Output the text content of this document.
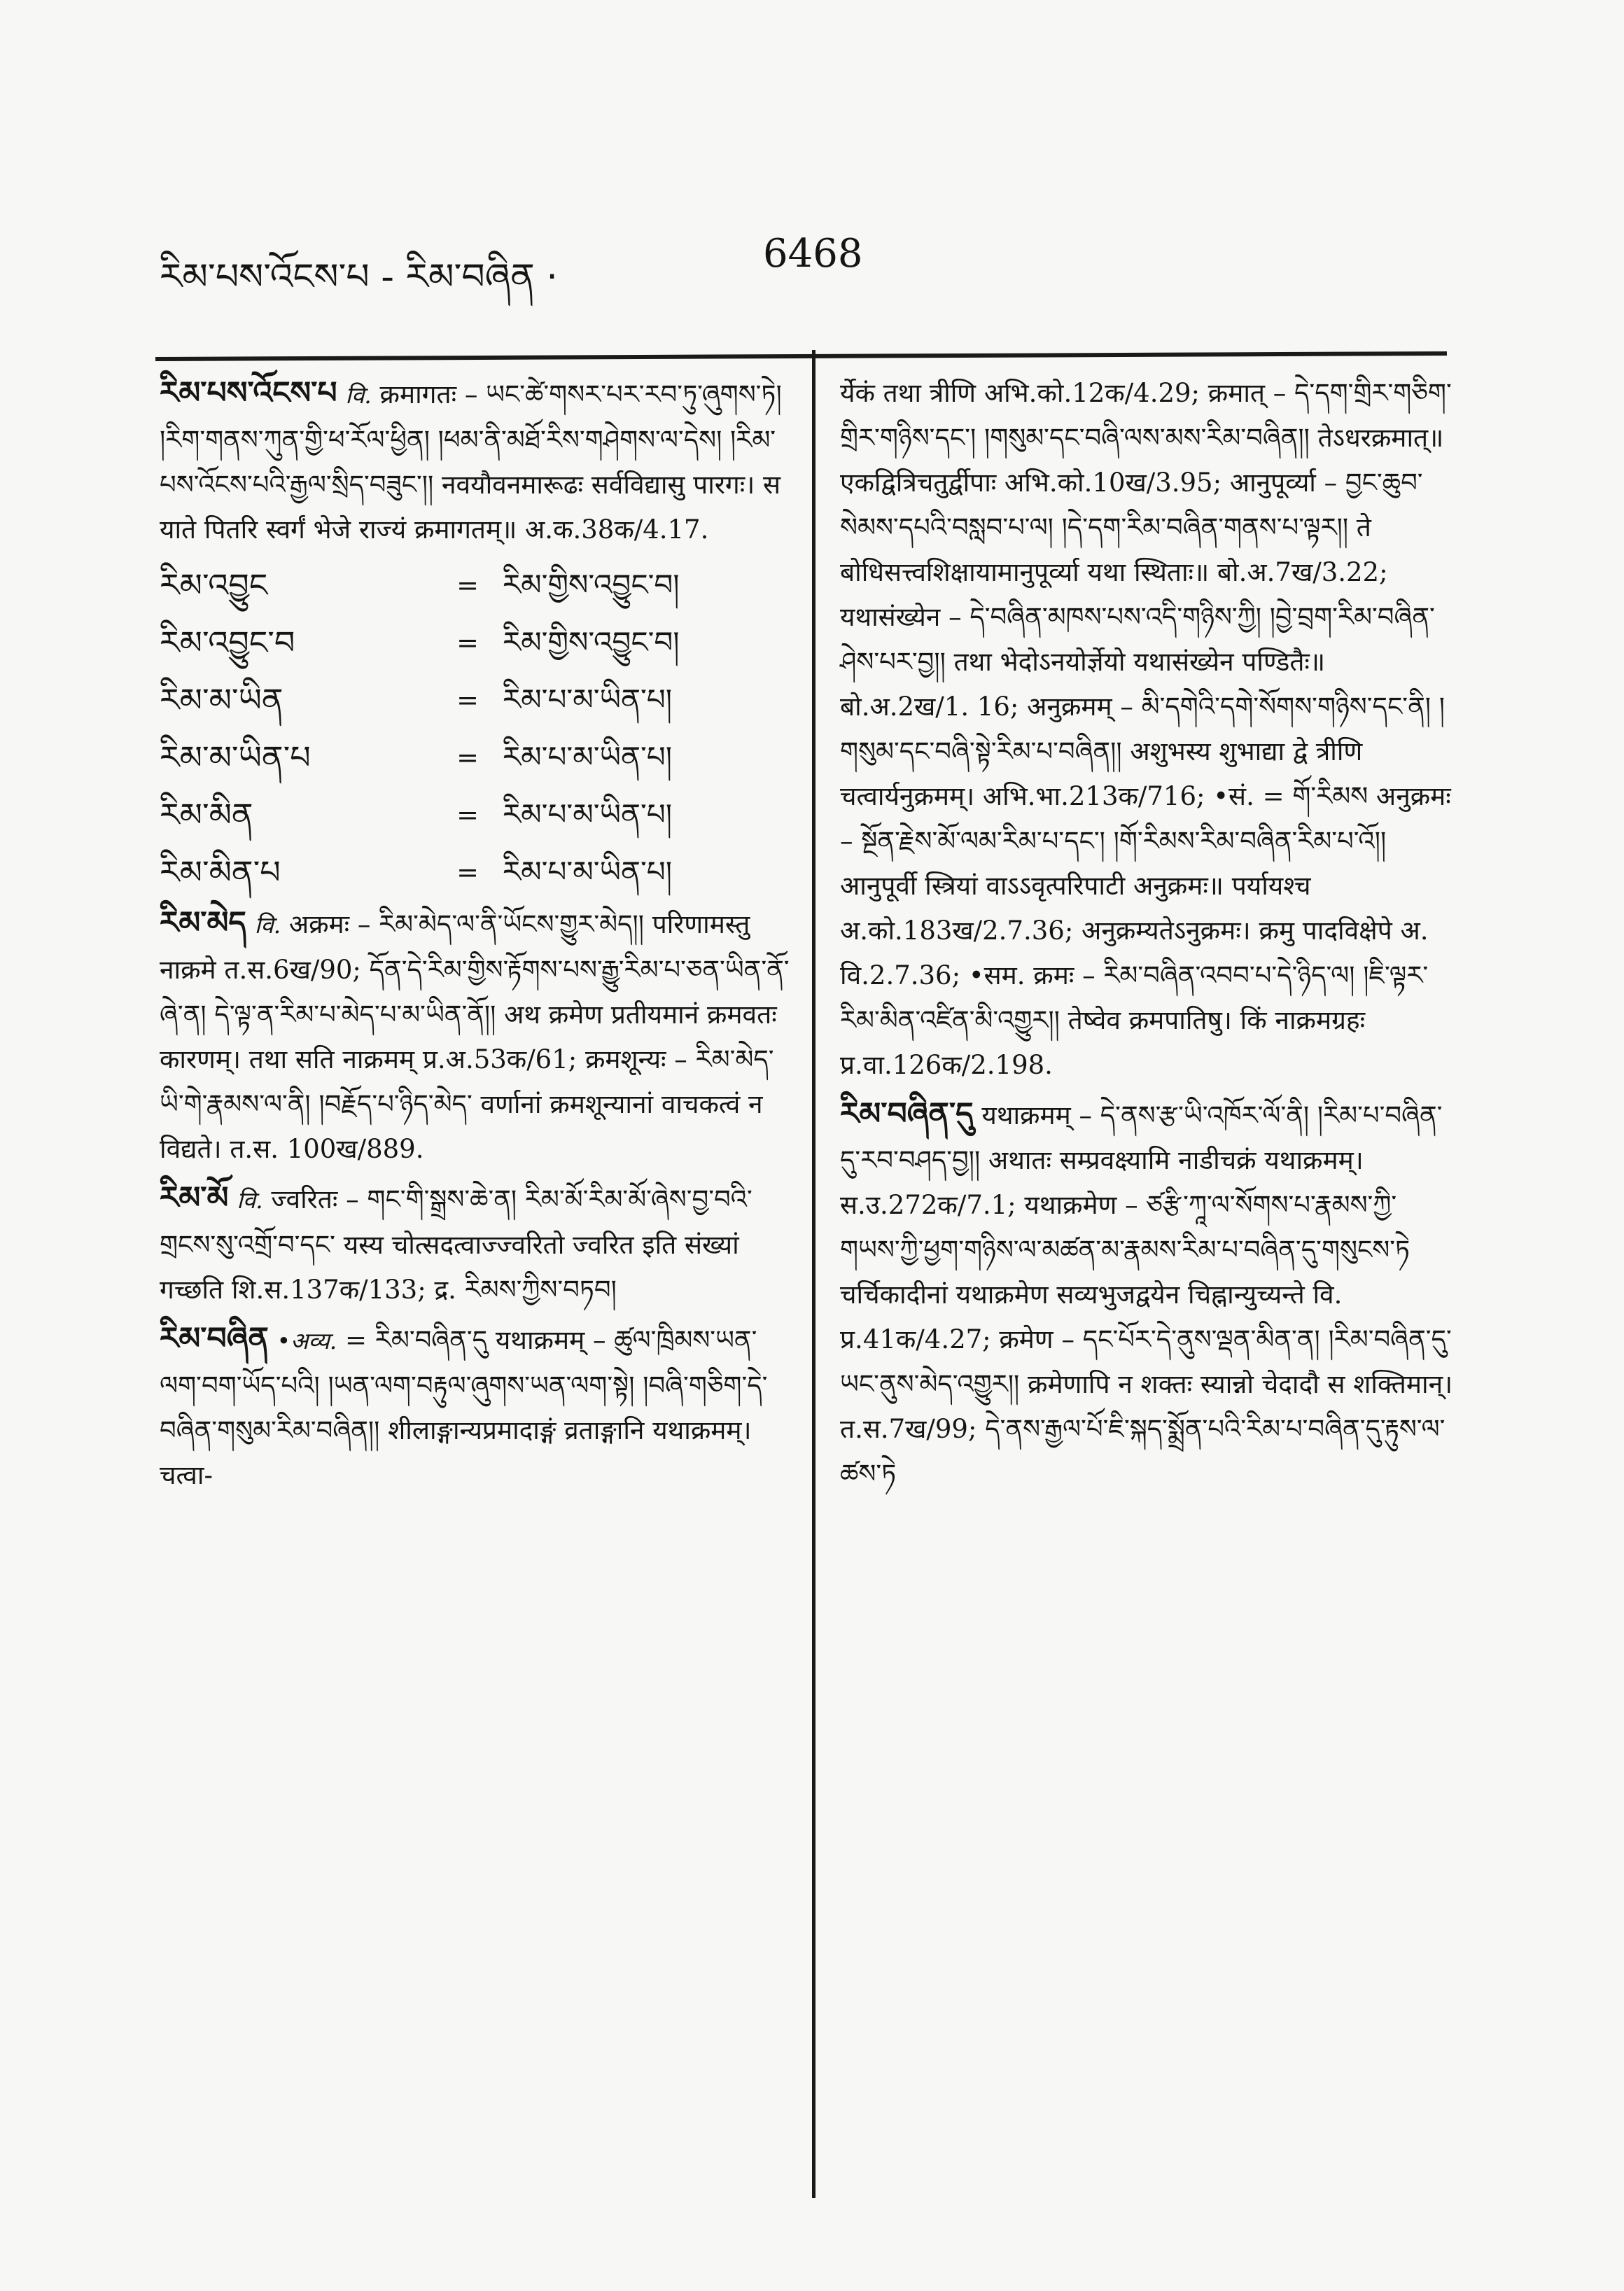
རིམ་པས་འོངས་པ - རིམ་བཞིན ·
6468
རིམ་པས་འོངས་པ वि. क्रमागतः – ཡང་ཚེ་གསར་པར་རབ་ཏུ་ཞུགས་ཏེ། །རིག་གནས་ཀུན་གྱི་ཕ་རོལ་ཕྱིན། །ཕམ་ནི་མཐོ་རིས་གཤེགས་ལ་དེས། །རིམ་པས་འོངས་པའི་རྒྱལ་སྲིད་བཟུང་།། नवयौवनमारूढः सर्वविद्यासु पारगः। स याते पितरि स्वर्गं भेजे राज्यं क्रमागतम्॥ अ.क.38क/4.17.
རིམ་འབྱུང	= རིམ་གྱིས་འབྱུང་བ།
རིམ་འབྱུང་བ	= རིམ་གྱིས་འབྱུང་བ།
རིམ་མ་ཡིན	= རིམ་པ་མ་ཡིན་པ།
རིམ་མ་ཡིན་པ	= རིམ་པ་མ་ཡིན་པ།
རིམ་མིན	= རིམ་པ་མ་ཡིན་པ།
རིམ་མིན་པ	= རིམ་པ་མ་ཡིན་པ།
རིམ་མེད वि. अक्रमः – རིམ་མེད་ལ་ནི་ཡོངས་གྱུར་མེད།། परिणामस्तु नाक्रमे त.स.6ख/90; དོན་དེ་རིམ་གྱིས་རྟོགས་པས་རྒྱུ་རིམ་པ་ཅན་ཡིན་ནོ་ཞེ་ན། དེ་ལྟ་ན་རིམ་པ་མེད་པ་མ་ཡིན་ནོ།། अथ क्रमेण प्रतीयमानं क्रमवतः कारणम्। तथा सति नाक्रमम् प्र.अ.53क/61; क्रमशून्यः – རིམ་མེད་ཡི་གེ་རྣམས་ལ་ནི། །བརྗོད་པ་ཉིད་མེད་ वर्णानां क्रमशून्यानां वाचकत्वं न विद्यते। त.स. 100ख/889.
རིམ་མོ वि. ज्वरितः – གང་གི་སྒྲས་ཆེ་ན། རིམ་མོ་རིམ་མོ་ཞེས་བྱ་བའི་གྲངས་སུ་འགྲོ་བ་དང་ यस्य चोत्सदत्वाज्ज्वरितो ज्वरित इति संख्यां गच्छति शि.स.137क/133; द्र. རིམས་ཀྱིས་བཏབ།
རིམ་བཞིན •अव्य. = རིམ་བཞིན་དུ यथाक्रमम् – ཚུལ་ཁྲིམས་ཡན་ལག་བག་ཡོད་པའི། །ཡན་ལག་བརྟུལ་ཞུགས་ཡན་ལག་སྟེ། །བཞི་གཅིག་དེ་བཞིན་གསུམ་རིམ་བཞིན།། शीलाङ्गान्यप्रमादाङ्गं व्रताङ्गानि यथाक्रमम्। चत्वा-
र्येकं तथा त्रीणि अभि.को.12क/4.29; क्रमात् – དེ་དག་གྲིར་གཅིག་གྲིར་གཉིས་དང་། །གསུམ་དང་བཞི་ལས་མས་རིམ་བཞིན།། तेऽधरक्रमात्॥ एकद्वित्रिचतुर्द्वीपाः अभि.को.10ख/3.95; आनुपूर्व्या – བྱང་ཆུབ་སེམས་དཔའི་བསླབ་པ་ལ། །དེ་དག་རིམ་བཞིན་གནས་པ་ལྟར།། ते बोधिसत्त्वशिक्षायामानुपूर्व्या यथा स्थिताः॥ बो.अ.7ख/3.22; यथासंख्येन – དེ་བཞིན་མཁས་པས་འདི་གཉིས་ཀྱི། །བྱེ་བྲག་རིམ་བཞིན་ཤེས་པར་བྱ།། तथा भेदोऽनयोर्ज्ञेयो यथासंख्येन पण्डितैः॥ बो.अ.2ख/1. 16; अनुक्रमम् – མི་དགེའི་དགེ་སོགས་གཉིས་དང་ནི། །གསུམ་དང་བཞི་སྟེ་རིམ་པ་བཞིན།། अशुभस्य शुभाद्या द्वे त्रीणि चत्वार्यनुक्रमम्। अभि.भा.213क/716; •सं. = གོ་རིམས अनुक्रमः – སྔོན་རྗེས་མོ་ལམ་རིམ་པ་དང་། །གོ་རིམས་རིམ་བཞིན་རིམ་པ་འོ།། आनुपूर्वी स्त्रियां वाऽऽवृत्परिपाटी अनुक्रमः॥ पर्यायश्च अ.को.183ख/2.7.36; अनुक्रम्यतेऽनुक्रमः। क्रमु पादविक्षेपे अ. वि.2.7.36; •सम. क्रमः – རིམ་བཞིན་འབབ་པ་དེ་ཉིད་ལ། །ཇི་ལྟར་རིམ་མིན་འཛིན་མི་འགྱུར།། तेष्वेव क्रमपातिषु। किं नाक्रमग्रहः प्र.वा.126क/2.198.
རིམ་བཞིན་དུ यथाक्रमम् – དེ་ནས་རྩ་ཡི་འཁོར་ལོ་ནི། །རིམ་པ་བཞིན་དུ་རབ་བཤད་བྱ།། अथातः सम्प्रवक्ष्यामि नाडीचक्रं यथाक्रमम्। स.उ.272क/7.1; यथाक्रमेण – ཙརྩི་ཀཱ་ལ་སོགས་པ་རྣམས་ཀྱི་གཡས་ཀྱི་ཕྱག་གཉིས་ལ་མཚན་མ་རྣམས་རིམ་པ་བཞིན་དུ་གསུངས་ཏེ चर्चिकादीनां यथाक्रमेण सव्यभुजद्वयेन चिह्नान्युच्यन्ते वि. प्र.41क/4.27; क्रमेण – དང་པོར་དེ་ནུས་ལྡན་མིན་ན། །རིམ་བཞིན་དུ་ཡང་ནུས་མེད་འགྱུར།། क्रमेणापि न शक्तः स्यान्नो चेदादौ स शक्तिमान्। त.स.7ख/99; དེ་ནས་རྒྱལ་པོ་ཇི་སྐད་སྨྲོན་པའི་རིམ་པ་བཞིན་དུ་རྟུས་ལ་ཚས་ཏེ
